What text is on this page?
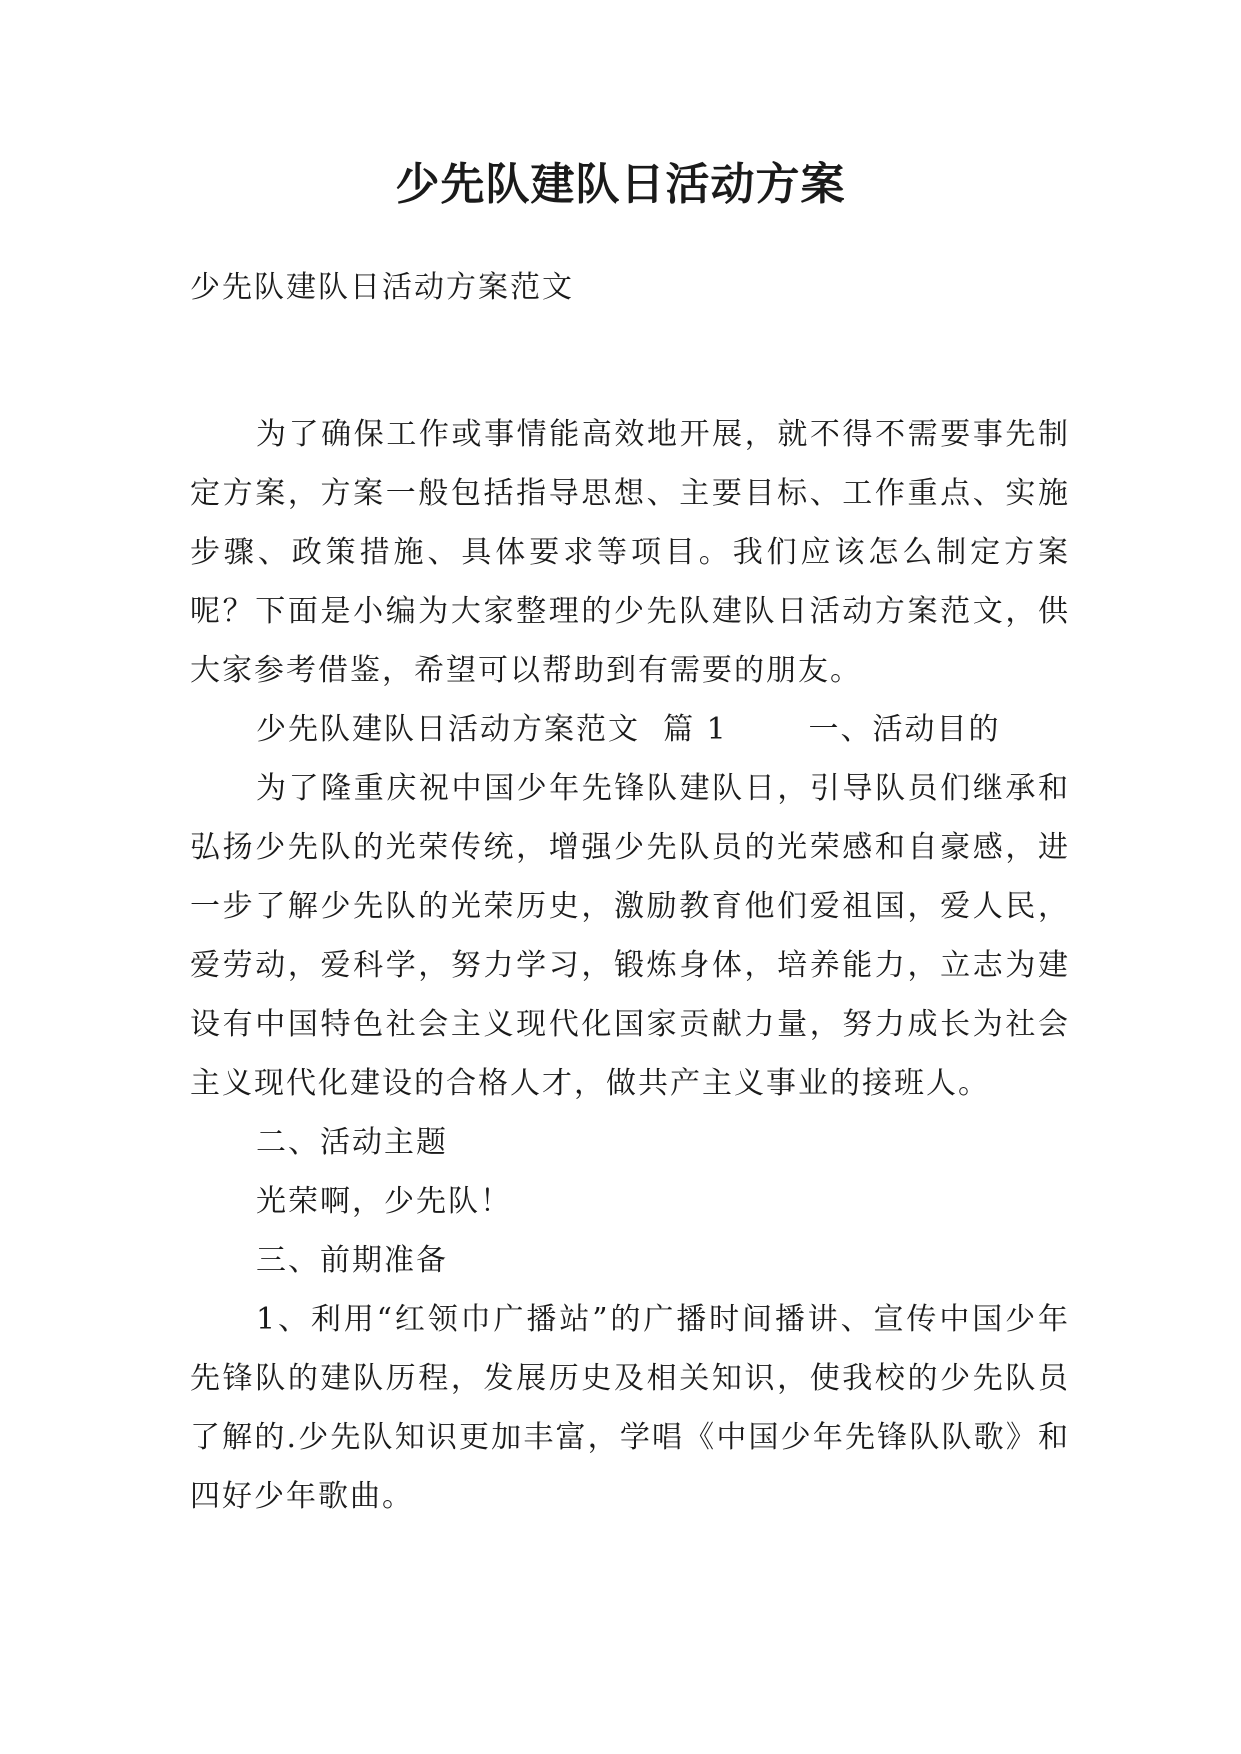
少先队建队日活动方案
少先队建队日活动方案范文

为了确保工作或事情能高效地开展，就不得不需要事先制定方案，方案一般包括指导思想、主要目标、工作重点、实施步骤、政策措施、具体要求等项目。我们应该怎么制定方案呢？下面是小编为大家整理的少先队建队日活动方案范文，供大家参考借鉴，希望可以帮助到有需要的朋友。

少先队建队日活动方案范文  篇 1       一、活动目的

为了隆重庆祝中国少年先锋队建队日，引导队员们继承和弘扬少先队的光荣传统，增强少先队员的光荣感和自豪感，进一步了解少先队的光荣历史，激励教育他们爱祖国，爱人民，爱劳动，爱科学，努力学习，锻炼身体，培养能力，立志为建设有中国特色社会主义现代化国家贡献力量，努力成长为社会主义现代化建设的合格人才，做共产主义事业的接班人。

二、活动主题

光荣啊，少先队！

三、前期准备

1、利用“红领巾广播站”的广播时间播讲、宣传中国少年先锋队的建队历程，发展历史及相关知识，使我校的少先队员了解的.少先队知识更加丰富，学唱《中国少年先锋队队歌》和四好少年歌曲。
